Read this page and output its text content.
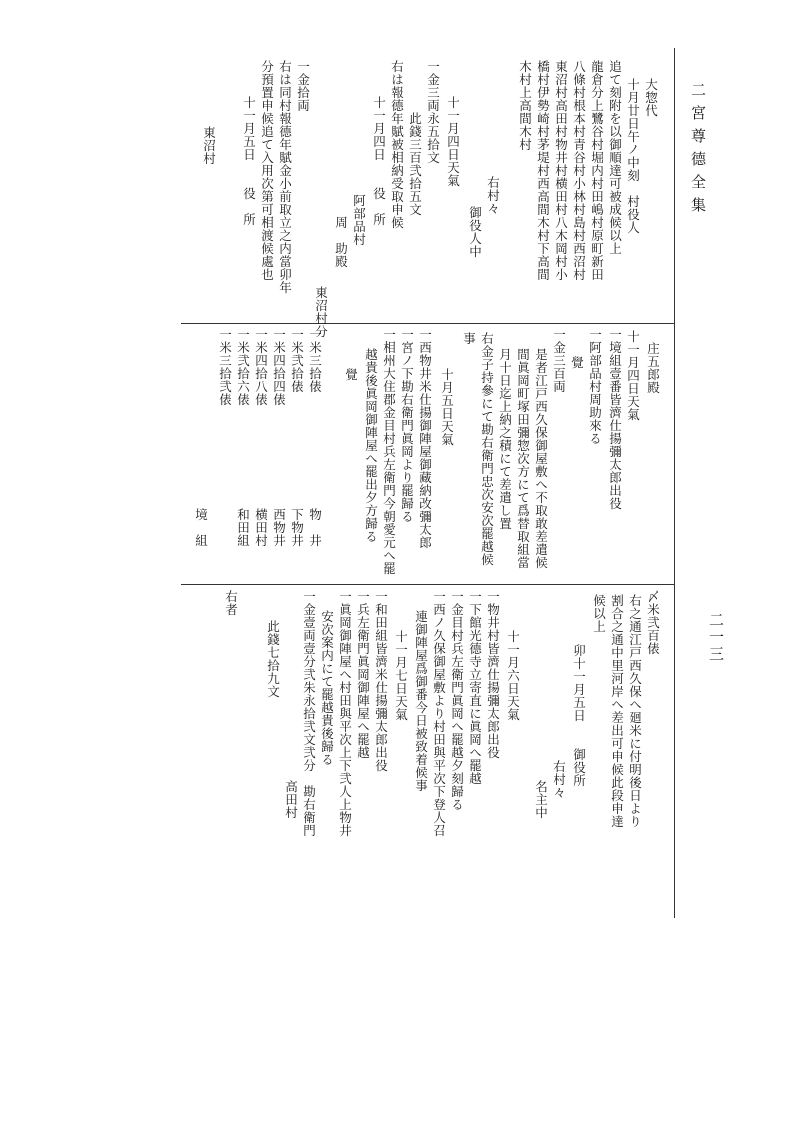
二宮尊德全集
二一三
大惣代
十月廿日午ノ中刻　村役人
追て刻附を以御順達可被成候以上
龍倉分上鷺谷村堀内村田嶋村原町新田
八條村根本村青谷村小林村島村西沼村
東沼村高田村物井村横田村八木岡村小
橋村伊勢崎村茅堤村西高間木村下高間
木村上高間木村
右村々
御役人中
十一月四日天氣
一金三両永五拾文
此錢三百弐拾五文
右は報德年賦被相納受取申候
十一月四日　　役　所
阿部品村
周　助殿
東沼村分
一金拾両
右は同村報德年賦金小前取立之内當卯年
分預置申候追て入用次第可相渡候處也
十一月五日　　役　所
東沼村
庄五郎殿
一境組壹番皆濟仕揚彌太郎出役 十一月四日天氣
一阿部品村周助來る
覺
一金三百両
是者江戸西久保御屋敷へ不取敢差遣候
間眞岡町塚田彌惣次方にて爲替取組當
月十日迄上納之積にて差遣し置
右金子持參にて勘右衛門忠次安次罷越候
事
十月五日天氣
一西物井米仕揚御陣屋御藏納改彌太郎
一宮ノ下勘右衛門眞岡より罷歸る
一相州大住郡金目村兵左衛門今朝愛元へ罷
越貴後眞岡御陣屋へ罷出夕方歸る
覺
一米三拾俵
物　井
一米弐拾俵
下物井
一米四拾四俵
西物井
一米四拾八俵
横田村
一米弐拾六俵
和田組
一米三拾弐俵
境　組
〆米弐百俵
右之通江戸西久保へ廻米に付明後日より
割合之通中里河岸へ差出可申候此段申達
候以上
卯十一月五日　　御役所
右村々
名主中
十一月六日天氣
一物井村皆濟仕揚彌太郎出役
一下館光德寺立寄直に眞岡へ罷越
一金目村兵左衛門眞岡へ罷越夕刻歸る
一西ノ久保御屋敷より村田與平次下登人召
連御陣屋爲御番今日被致着候事
十一月七日天氣
一和田組皆濟米仕揚彌太郎出役
一兵左衛門眞岡御陣屋へ罷越
一眞岡御陣屋へ村田與平次上下弐人上物井
安次案内にて罷越貴後歸る
一金壹両壹分弐朱永拾弐文弐分　勘右衛門
高田村
此錢七拾九文
右者
